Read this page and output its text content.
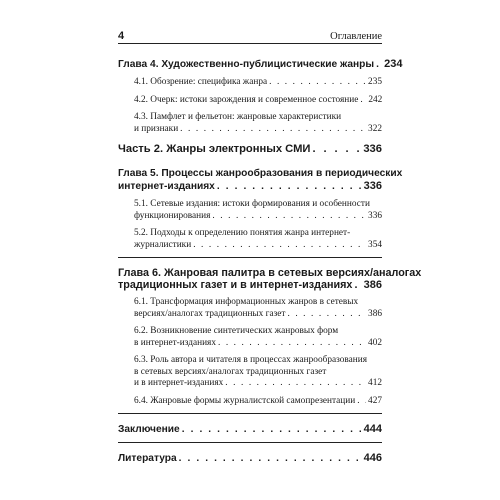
4	Оглавление
Глава 4. Художественно-публицистические жанры . . . 234
4.1. Обозрение: специфика жанра . . .	235
4.2. Очерк: истоки зарождения и современное состояние . . . 242
4.3. Памфлет и фельетон: жанровые характеристики
и признаки . . .	322
Часть 2. Жанры электронных СМИ . . .	336
Глава 5. Процессы жанрообразования в периодических
интернет-изданиях . . .	336
5.1. Сетевые издания: истоки формирования и особенности
функционирования . . .	336
5.2. Подходы к определению понятия жанра интернет-
журналистики . . .	354
Глава 6. Жанровая палитра в сетевых версиях/аналогах
традиционных газет и в интернет-изданиях . . . 386
6.1. Трансформация информационных жанров в сетевых
версиях/аналогах традиционных газет . . .	386
6.2. Возникновение синтетических жанровых форм
в интернет-изданиях . . .	402
6.3. Роль автора и читателя в процессах жанрообразования
в сетевых версиях/аналогах традиционных газет
и в интернет-изданиях . . .	412
6.4. Жанровые формы журналистской самопрезентации . . . 427
Заключение . . .	444
Литература . . .	446
